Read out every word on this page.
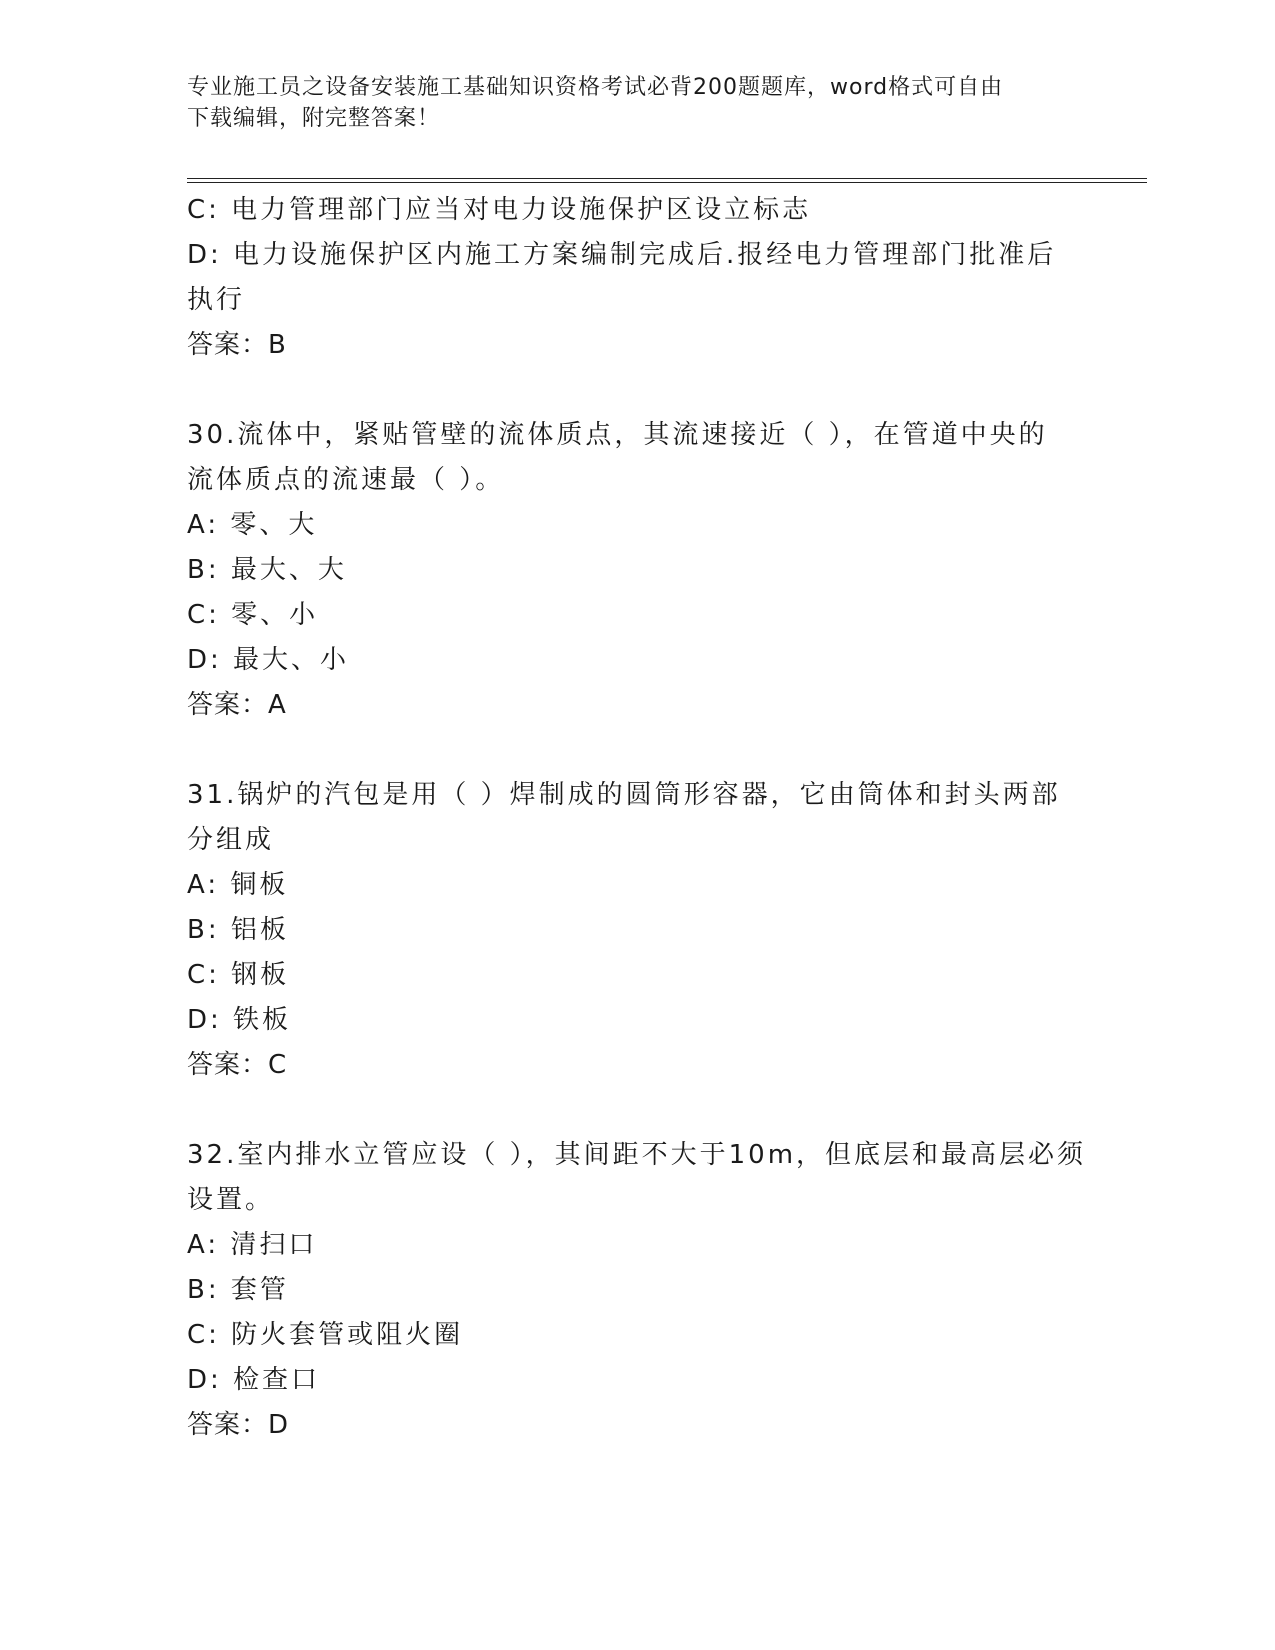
专业施工员之设备安装施工基础知识资格考试必背200题题库，word格式可自由
下载编辑，附完整答案！
C: 电力管理部门应当对电力设施保护区设立标志
D: 电力设施保护区内施工方案编制完成后.报经电力管理部门批准后
执行
答案：B
30.流体中，紧贴管壁的流体质点，其流速接近（ ），在管道中央的
流体质点的流速最（ ）。
A: 零、大
B: 最大、大
C: 零、小
D: 最大、小
答案：A
31.锅炉的汽包是用（ ）焊制成的圆筒形容器，它由筒体和封头两部
分组成
A: 铜板
B: 铝板
C: 钢板
D: 铁板
答案：C
32.室内排水立管应设（ ），其间距不大于10m，但底层和最高层必须
设置。
A: 清扫口
B: 套管
C: 防火套管或阻火圈
D: 检查口
答案：D
